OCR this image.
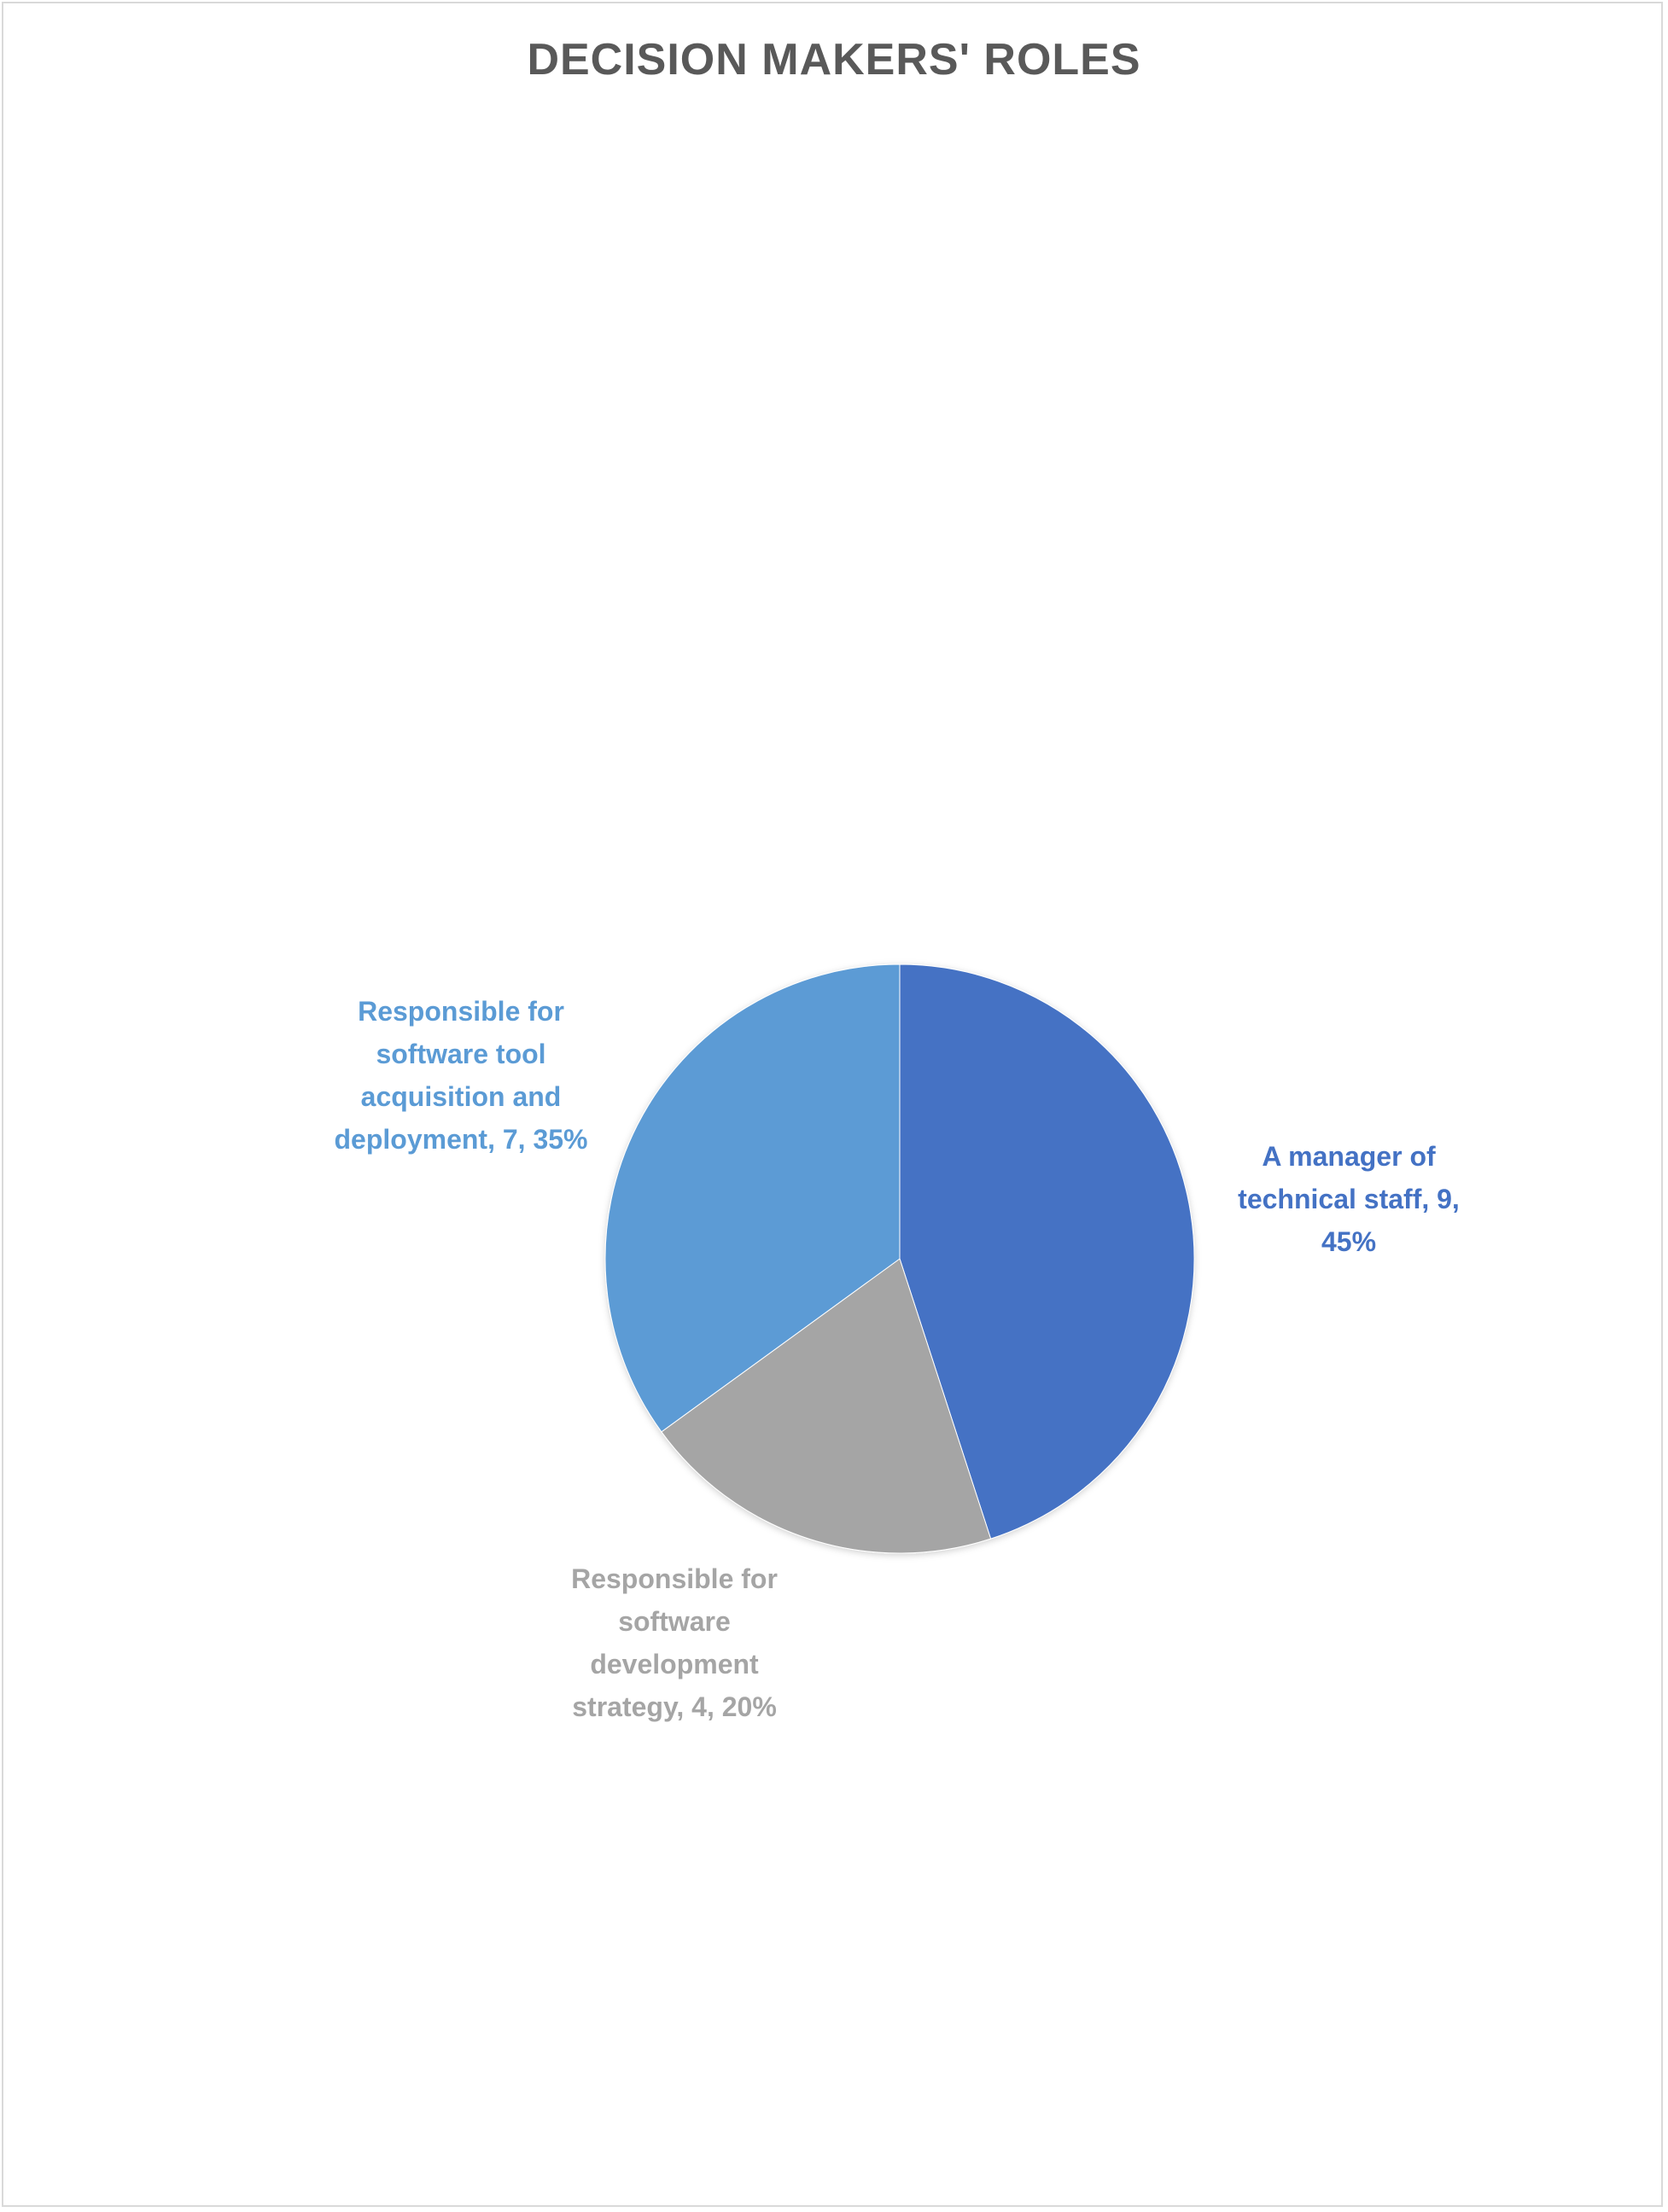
DECISION MAKERS' ROLES
A manager of
technical staff, 9,
45%
Responsible for
software
development
strategy, 4, 20%
Responsible for
software tool
acquisition and
deployment, 7, 35%
